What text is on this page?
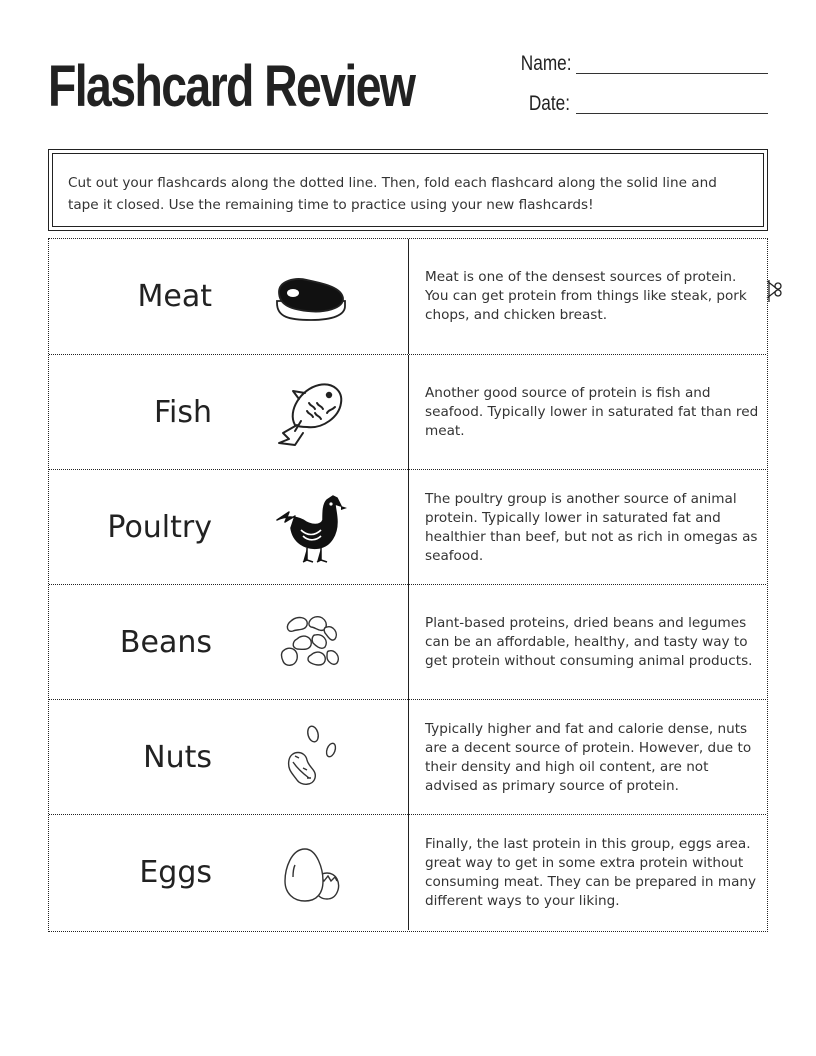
Flashcard Review	Name:
Date:
Cut out your flashcards along the dotted line. Then, fold each flashcard along the solid line and tape it closed. Use the remaining time to practice using your new flashcards!
Meat
Meat is one of the densest sources of protein. You can get protein from things like steak, pork chops, and chicken breast.
Fish
Another good source of protein is fish and seafood. Typically lower in saturated fat than red meat.
Poultry
The poultry group is another source of animal protein. Typically lower in saturated fat and healthier than beef, but not as rich in omegas as seafood.
Beans
Plant-based proteins, dried beans and legumes can be an affordable, healthy, and tasty way to get protein without consuming animal products.
Nuts
Typically higher and fat and calorie dense, nuts are a decent source of protein. However, due to their density and high oil content, are not advised as primary source of protein.
Eggs
Finally, the last protein in this group, eggs area. great way to get in some extra protein without consuming meat. They can be prepared in many different ways to your liking.
